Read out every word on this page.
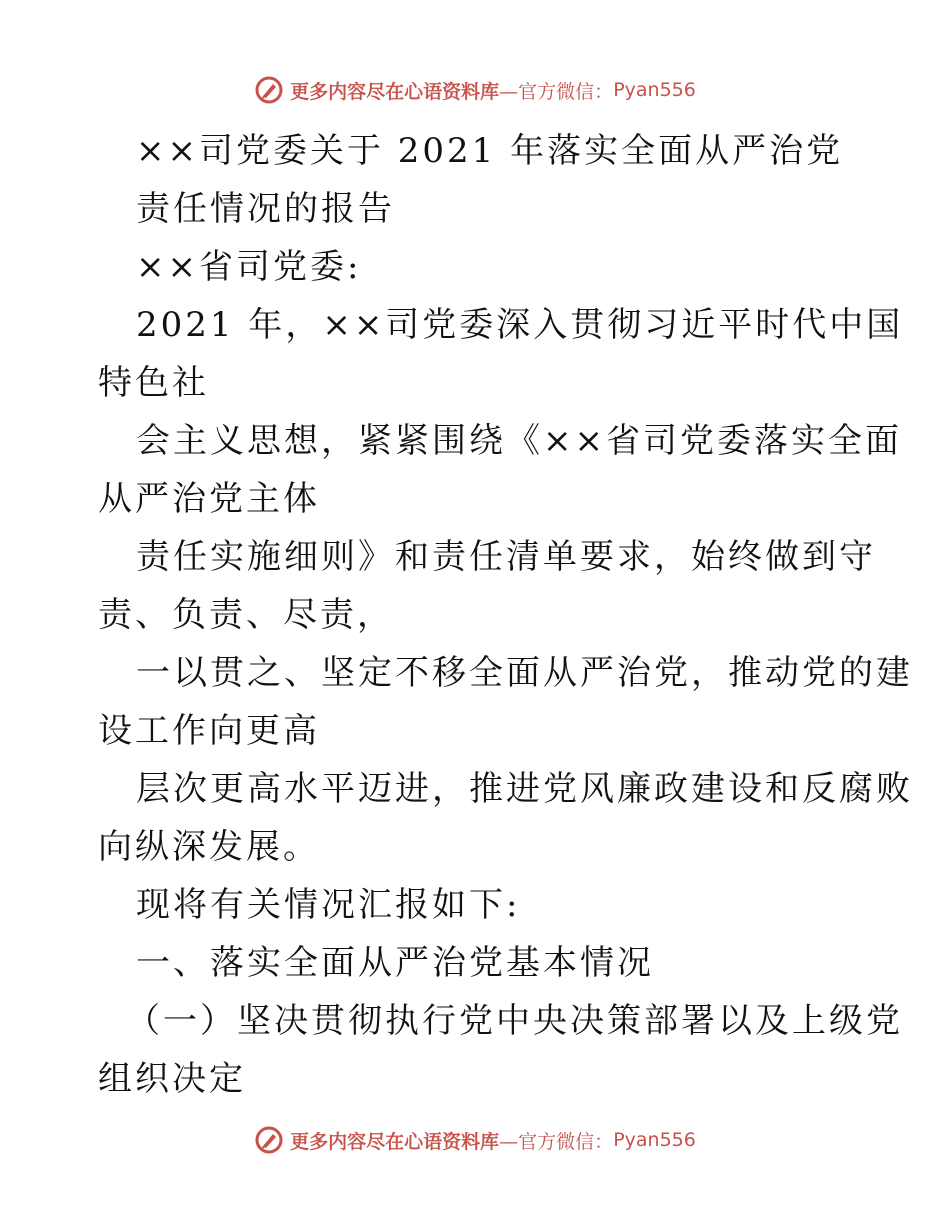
更多内容尽在心语资料库 —官方微信： Pyan556
××司党委关于 2021 年落实全面从严治党
责任情况的报告
××省司党委:
2021 年，××司党委深入贯彻习近平时代中国
特色社
会主义思想，紧紧围绕《××省司党委落实全面
从严治党主体
责任实施细则》和责任清单要求，始终做到守
责、负责、尽责，
一以贯之、坚定不移全面从严治党，推动党的建
设工作向更高
层次更高水平迈进，推进党风廉政建设和反腐败
向纵深发展。
现将有关情况汇报如下:
一、落实全面从严治党基本情况
（一）坚决贯彻执行党中央决策部署以及上级党
组织决定
更多内容尽在心语资料库 —官方微信： Pyan556
